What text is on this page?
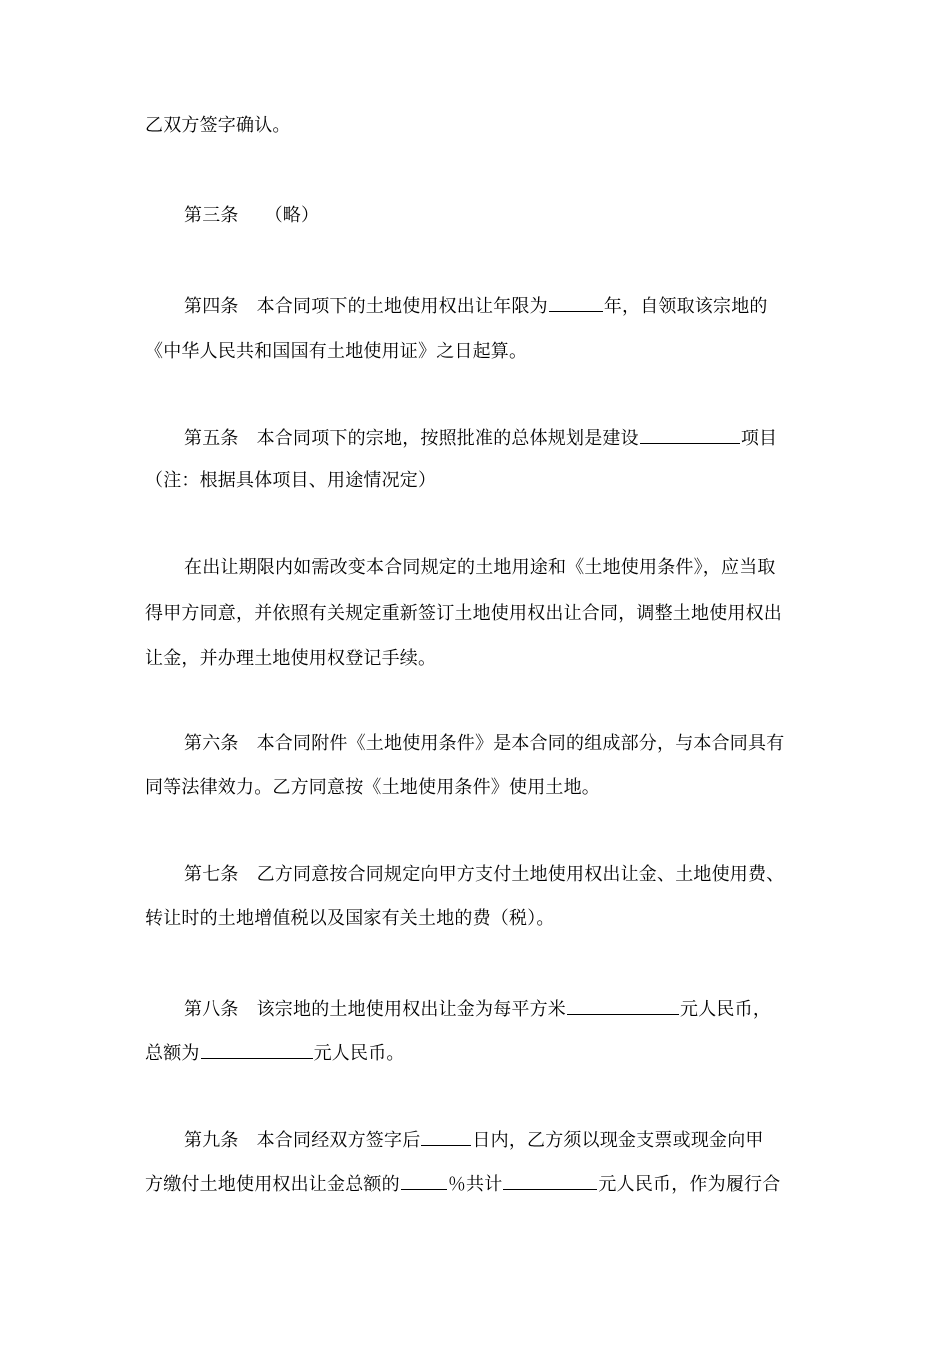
乙双方签字确认。
第三条 （略）
第四条 本合同项下的土地使用权出让年限为	年，自领取该宗地的
《中华人民共和国国有土地使用证》之日起算。
第五条 本合同项下的宗地，按照批准的总体规划是建设	项目
（注：根据具体项目、用途情况定）
在出让期限内如需改变本合同规定的土地用途和《土地使用条件》，应当取
得甲方同意，并依照有关规定重新签订土地使用权出让合同，调整土地使用权出
让金，并办理土地使用权登记手续。
第六条 本合同附件《土地使用条件》是本合同的组成部分，与本合同具有
同等法律效力。乙方同意按《土地使用条件》使用土地。
第七条 乙方同意按合同规定向甲方支付土地使用权出让金、土地使用费、
转让时的土地增值税以及国家有关土地的费（税）。
第八条 该宗地的土地使用权出让金为每平方米	元人民币，
总额为	元人民币。
第九条 本合同经双方签字后	日内，乙方须以现金支票或现金向甲
方缴付土地使用权出让金总额的	％共计	元人民币，作为履行合
